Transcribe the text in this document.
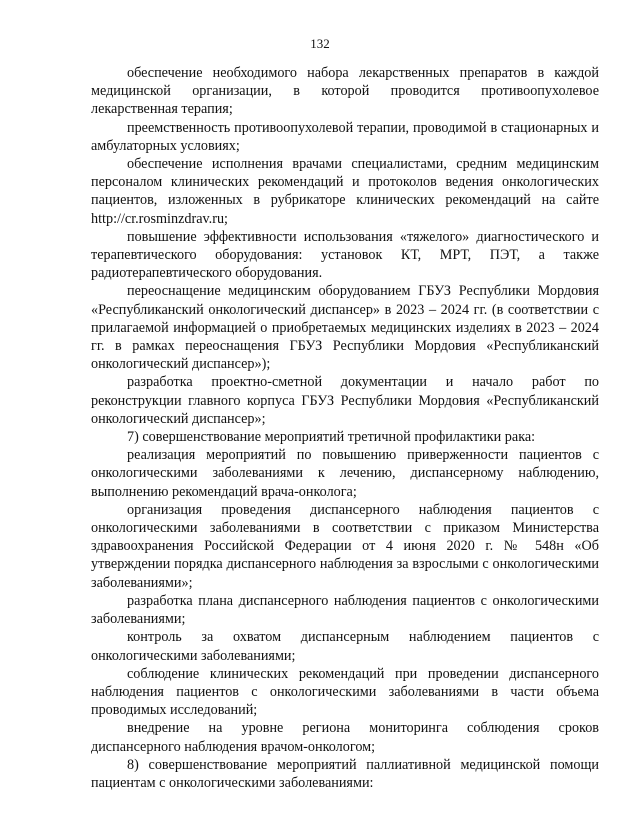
132

обеспечение необходимого набора лекарственных препаратов в каждой медицинской организации, в которой проводится противоопухолевое лекарственная терапия;

преемственность противоопухолевой терапии, проводимой в стационарных и амбулаторных условиях;

обеспечение исполнения врачами специалистами, средним медицинским персоналом клинических рекомендаций и протоколов ведения онкологических пациентов, изложенных в рубрикаторе клинических рекомендаций на сайте http://cr.rosminzdrav.ru;

повышение эффективности использования «тяжелого» диагностического и терапевтического оборудования: установок КТ, МРТ, ПЭТ, а также радиотерапевтического оборудования.

переоснащение медицинским оборудованием ГБУЗ Республики Мордовия «Республиканский онкологический диспансер» в 2023 – 2024 гг. (в соответствии с прилагаемой информацией о приобретаемых медицинских изделиях в 2023 – 2024 гг. в рамках переоснащения ГБУЗ Республики Мордовия «Республиканский онкологический диспансер»);

разработка проектно-сметной документации и начало работ по реконструкции главного корпуса ГБУЗ Республики Мордовия «Республиканский онкологический диспансер»;

7) совершенствование мероприятий третичной профилактики рака:

реализация мероприятий по повышению приверженности пациентов с онкологическими заболеваниями к лечению, диспансерному наблюдению, выполнению рекомендаций врача-онколога;

организация проведения диспансерного наблюдения пациентов с онкологическими заболеваниями в соответствии с приказом Министерства здравоохранения Российской Федерации от 4 июня 2020 г. № 548н «Об утверждении порядка диспансерного наблюдения за взрослыми с онкологическими заболеваниями»;

разработка плана диспансерного наблюдения пациентов с онкологическими заболеваниями;

контроль за охватом диспансерным наблюдением пациентов с онкологическими заболеваниями;

соблюдение клинических рекомендаций при проведении диспансерного наблюдения пациентов с онкологическими заболеваниями в части объема проводимых исследований;

внедрение на уровне региона мониторинга соблюдения сроков диспансерного наблюдения врачом-онкологом;

8) совершенствование мероприятий паллиативной медицинской помощи пациентам с онкологическими заболеваниями:
